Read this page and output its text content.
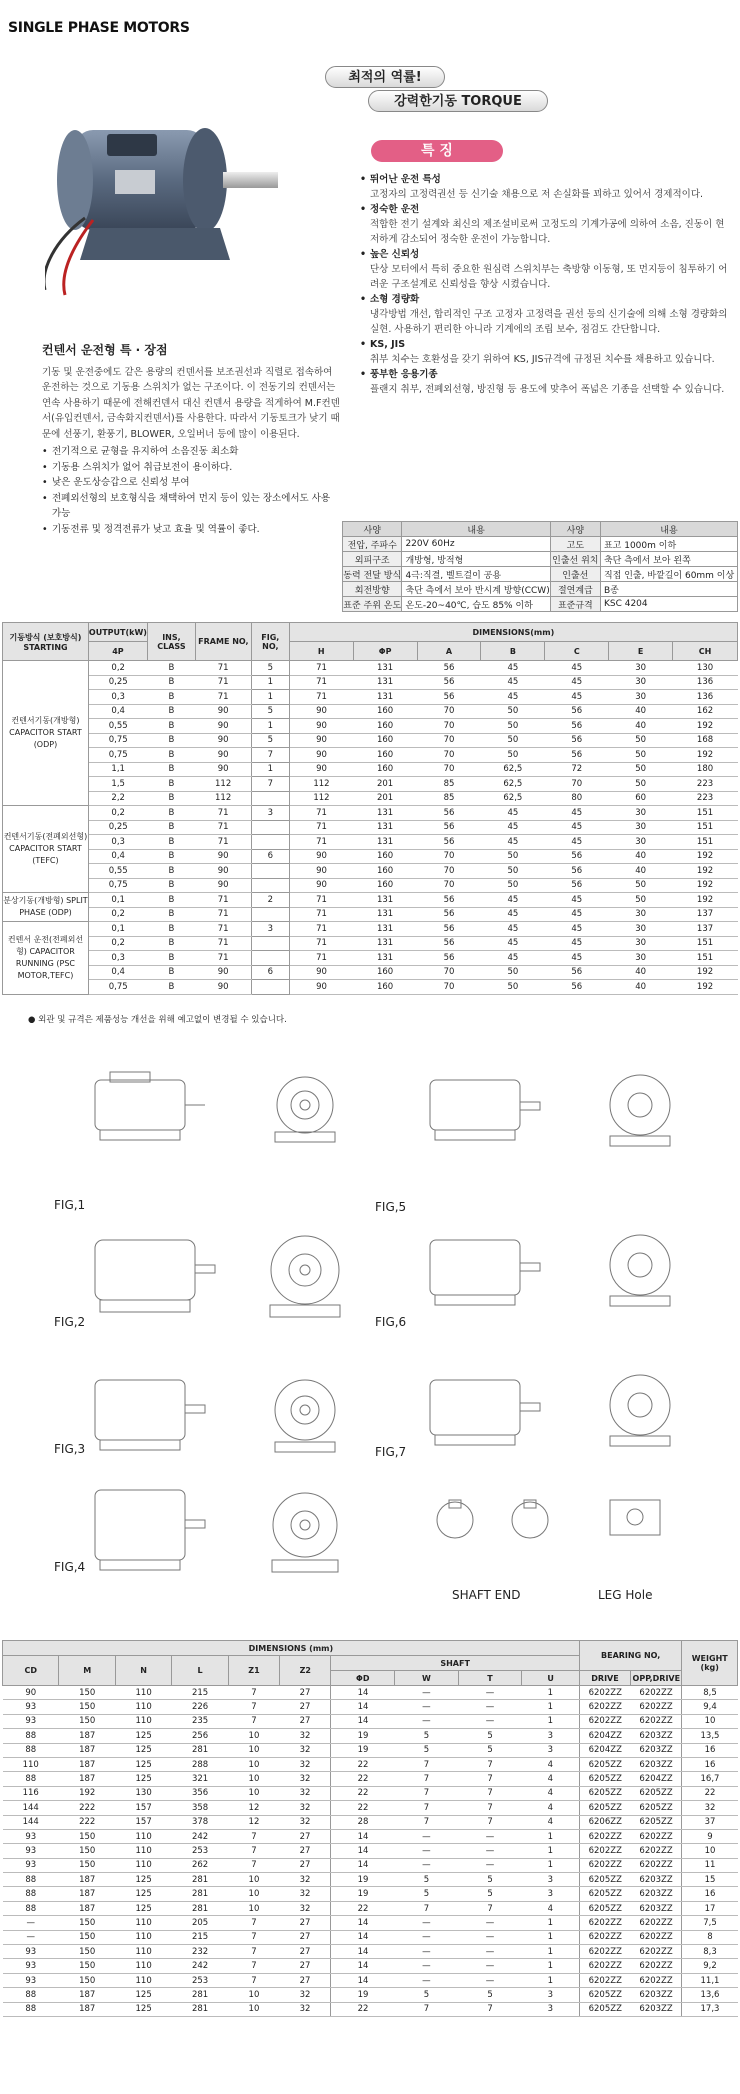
SINGLE PHASE MOTORS
최적의 역률!
강력한기동 TORQUE
특 징
• 뛰어난 운전 특성
고정자의 고정력권선 등 신기술 채용으로 저 손실화를 꾀하고 있어서 경제적이다.
• 정숙한 운전
적합한 전기 설계와 최신의 제조설비로써 고정도의 기계가공에 의하여 소음, 진동이 현저하게 감소되어 정숙한 운전이 가능합니다.
• 높은 신뢰성
단상 모터에서 특히 중요한 원심력 스위치부는 축방향 이동형, 또 먼지등이 침투하기 어려운 구조설계로 신뢰성을 향상 시켰습니다.
• 소형 경량화
냉각방법 개선, 합리적인 구조 고정자 고정력을 권선 등의 신기술에 의해 소형 경량화의 실현. 사용하기 편리한 아니라 기계에의 조립 보수, 점검도 간단합니다.
• KS, JIS
취부 치수는 호환성을 갖기 위하여 KS, JIS규격에 규정된 치수를 채용하고 있습니다.
• 풍부한 응용기종
플랜지 취부, 전폐외선형, 방진형 등 용도에 맞추어 폭넓은 기종을 선택할 수 있습니다.
컨텐서 운전형 특 · 장점

기동 및 운전중에도 같은 용량의 컨덴서를 보조권선과 직렬로 접속하여 운전하는 것으로 기동용 스위치가 없는 구조이다. 이 전동기의 컨덴서는 연속 사용하기 때문에 전해컨덴서 대신 컨덴서 용량을 적게하여 M.F컨덴서(유입컨덴서, 금속화지컨덴서)를 사용한다. 따라서 기동토크가 낮기 때문에 선풍기, 환풍기, BLOWER, 오일버너 등에 많이 이용된다.

• 전기적으로 균형을 유지하여 소음진동 최소화
• 기동용 스위치가 없어 취급보전이 용이하다.
• 낮은 운도상승갑으로 신뢰성 부여
• 전폐외선형의 보호형식을 채택하여 먼지 등이 있는 장소에서도 사용 가능
• 기동전류 및 정격전류가 낮고 효율 및 역률이 좋다.	사양	내용	사양	내용
전압, 주파수	220V 60Hz	고도	표고 1000m 이하
외피구조	개방형, 방적형	인출선 위치	축단 측에서 보아 왼쪽
동력 전달 방식	4극:직결, 벨트걸이 공용	인출선	직접 인출, 바깥길이 60mm 이상
회전방향	축단 측에서 보아 반시계 방향(CCW)	절연계급	B종
표준 주위 온도	온도-20~40℃, 습도 85% 이하	표준규격	KSC 4204
기동방식 (보호방식) STARTING	OUTPUT(kW)	INS, CLASS	FRAME NO,	FIG, NO,	DIMENSIONS(mm)						
	4P				H	ΦP	A	B	C	E	CH
컨텐서기동(개방형) CAPACITOR START (ODP)	0,2	B	71	5	71	131	56	45	45	30	130
	0,25	B	71	1	71	131	56	45	45	30	136
	0,3	B	71	1	71	131	56	45	45	30	136
	0,4	B	90	5	90	160	70	50	56	40	162
	0,55	B	90	1	90	160	70	50	56	40	192
	0,75	B	90	5	90	160	70	50	56	50	168
	0,75	B	90	7	90	160	70	50	56	50	192
	1,1	B	90	1	90	160	70	62,5	72	50	180
	1,5	B	112	7	112	201	85	62,5	70	50	223
	2,2	B	112		112	201	85	62,5	80	60	223
컨텐서기동(전폐외선형) CAPACITOR START (TEFC)	0,2	B	71	3	71	131	56	45	45	30	151
	0,25	B	71		71	131	56	45	45	30	151
	0,3	B	71		71	131	56	45	45	30	151
	0,4	B	90	6	90	160	70	50	56	40	192
	0,55	B	90		90	160	70	50	56	40	192
	0,75	B	90		90	160	70	50	56	50	192
분상기동(개방형) SPLIT PHASE (ODP)	0,1	B	71	2	71	131	56	45	45	50	192
	0,2	B	71		71	131	56	45	45	30	137
컨텐서 운전(전폐외선형) CAPACITOR RUNNING (PSC MOTOR,TEFC)	0,1	B	71	3	71	131	56	45	45	30	137
	0,2	B	71		71	131	56	45	45	30	151
	0,3	B	71		71	131	56	45	45	30	151
	0,4	B	90	6	90	160	70	50	56	40	192
	0,75	B	90		90	160	70	50	56	40	192
● 외관 및 규격은 제품성능 개선을 위해 예고없이 변경될 수 있습니다.
FIG,1
FIG,2
FIG,3
FIG,4
FIG,5
FIG,6
FIG,7
SHAFT END	LEG Hole
DIMENSIONS (mm)										BEARING NO,		WEIGHT (kg)
CD	M	N	L	Z1	Z2	SHAFT						
						ΦD	W	T	U	DRIVE	OPP,DRIVE	
90	150	110	215	7	27	14	—	—	1	6202ZZ	6202ZZ	8,5
93	150	110	226	7	27	14	—	—	1	6202ZZ	6202ZZ	9,4
93	150	110	235	7	27	14	—	—	1	6202ZZ	6202ZZ	10
88	187	125	256	10	32	19	5	5	3	6204ZZ	6203ZZ	13,5
88	187	125	281	10	32	19	5	5	3	6204ZZ	6203ZZ	16
110	187	125	288	10	32	22	7	7	4	6205ZZ	6203ZZ	16
88	187	125	321	10	32	22	7	7	4	6205ZZ	6204ZZ	16,7
116	192	130	356	10	32	22	7	7	4	6205ZZ	6205ZZ	22
144	222	157	358	12	32	22	7	7	4	6205ZZ	6205ZZ	32
144	222	157	378	12	32	28	7	7	4	6206ZZ	6205ZZ	37
93	150	110	242	7	27	14	—	—	1	6202ZZ	6202ZZ	9
93	150	110	253	7	27	14	—	—	1	6202ZZ	6202ZZ	10
93	150	110	262	7	27	14	—	—	1	6202ZZ	6202ZZ	11
88	187	125	281	10	32	19	5	5	3	6205ZZ	6203ZZ	15
88	187	125	281	10	32	19	5	5	3	6205ZZ	6203ZZ	16
88	187	125	281	10	32	22	7	7	4	6205ZZ	6203ZZ	17
—	150	110	205	7	27	14	—	—	1	6202ZZ	6202ZZ	7,5
—	150	110	215	7	27	14	—	—	1	6202ZZ	6202ZZ	8
93	150	110	232	7	27	14	—	—	1	6202ZZ	6202ZZ	8,3
93	150	110	242	7	27	14	—	—	1	6202ZZ	6202ZZ	9,2
93	150	110	253	7	27	14	—	—	1	6202ZZ	6202ZZ	11,1
88	187	125	281	10	32	19	5	5	3	6205ZZ	6203ZZ	13,6
88	187	125	281	10	32	22	7	7	3	6205ZZ	6203ZZ	17,3
